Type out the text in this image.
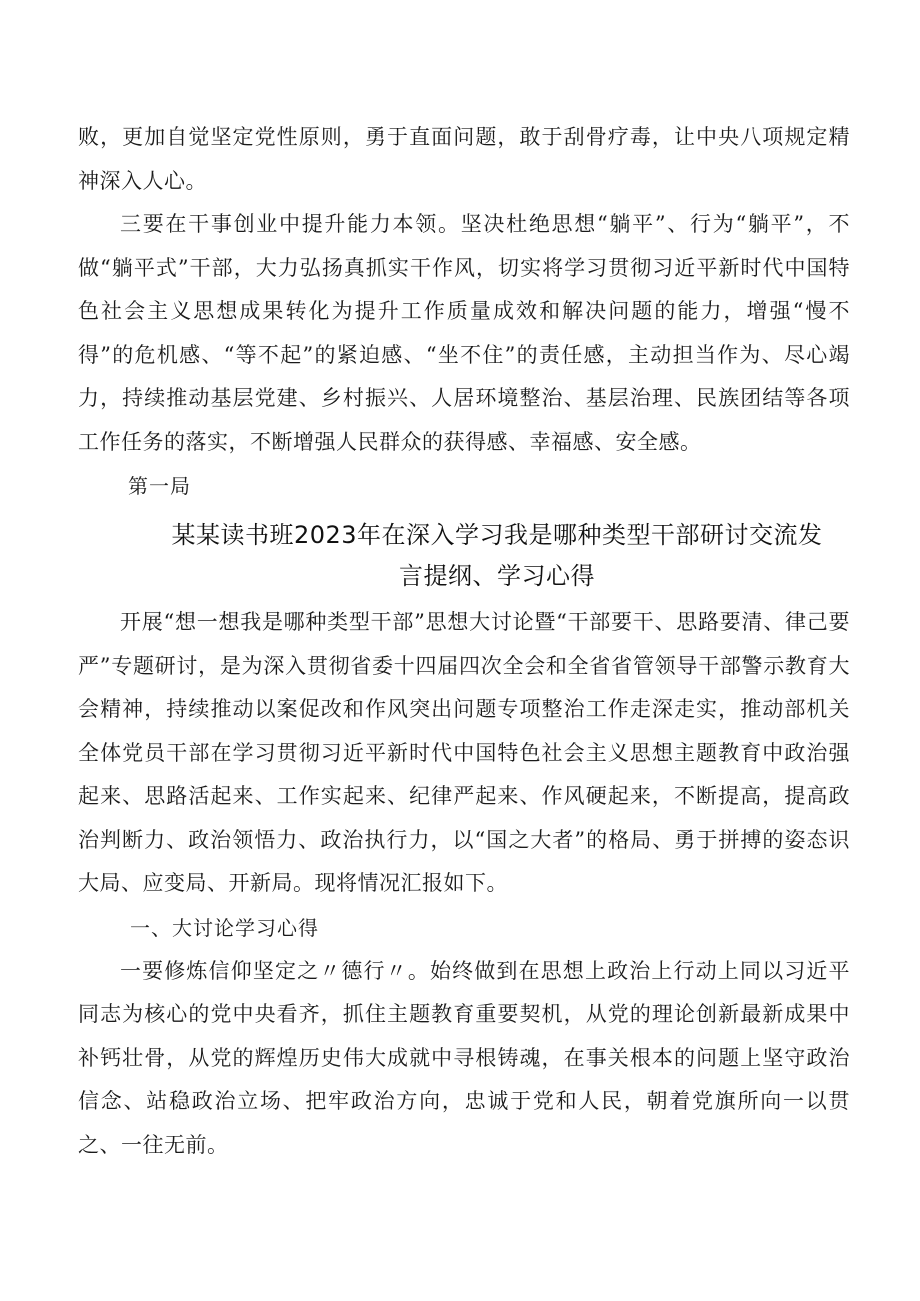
败，更加自觉坚定党性原则，勇于直面问题，敢于刮骨疗毒，让中央八项规定精神深入人心。

三要在干事创业中提升能力本领。坚决杜绝思想“躺平”、行为“躺平”，不做“躺平式”干部，大力弘扬真抓实干作风，切实将学习贯彻习近平新时代中国特色社会主义思想成果转化为提升工作质量成效和解决问题的能力，增强“慢不得”的危机感、“等不起”的紧迫感、“坐不住”的责任感，主动担当作为、尽心竭力，持续推动基层党建、乡村振兴、人居环境整治、基层治理、民族团结等各项工作任务的落实，不断增强人民群众的获得感、幸福感、安全感。

第一局
某某读书班2023年在深入学习我是哪种类型干部研讨交流发
言提纲、学习心得

开展“想一想我是哪种类型干部”思想大讨论暨“干部要干、思路要清、律己要严”专题研讨，是为深入贯彻省委十四届四次全会和全省省管领导干部警示教育大会精神，持续推动以案促改和作风突出问题专项整治工作走深走实，推动部机关全体党员干部在学习贯彻习近平新时代中国特色社会主义思想主题教育中政治强起来、思路活起来、工作实起来、纪律严起来、作风硬起来，不断提高，提高政治判断力、政治领悟力、政治执行力，以“国之大者”的格局、勇于拼搏的姿态识大局、应变局、开新局。现将情况汇报如下。

一、大讨论学习心得

一要修炼信仰坚定之〃德行〃。始终做到在思想上政治上行动上同以习近平同志为核心的党中央看齐，抓住主题教育重要契机，从党的理论创新最新成果中补钙壮骨，从党的辉煌历史伟大成就中寻根铸魂，在事关根本的问题上坚守政治信念、站稳政治立场、把牢政治方向，忠诚于党和人民，朝着党旗所向一以贯之、一往无前。
